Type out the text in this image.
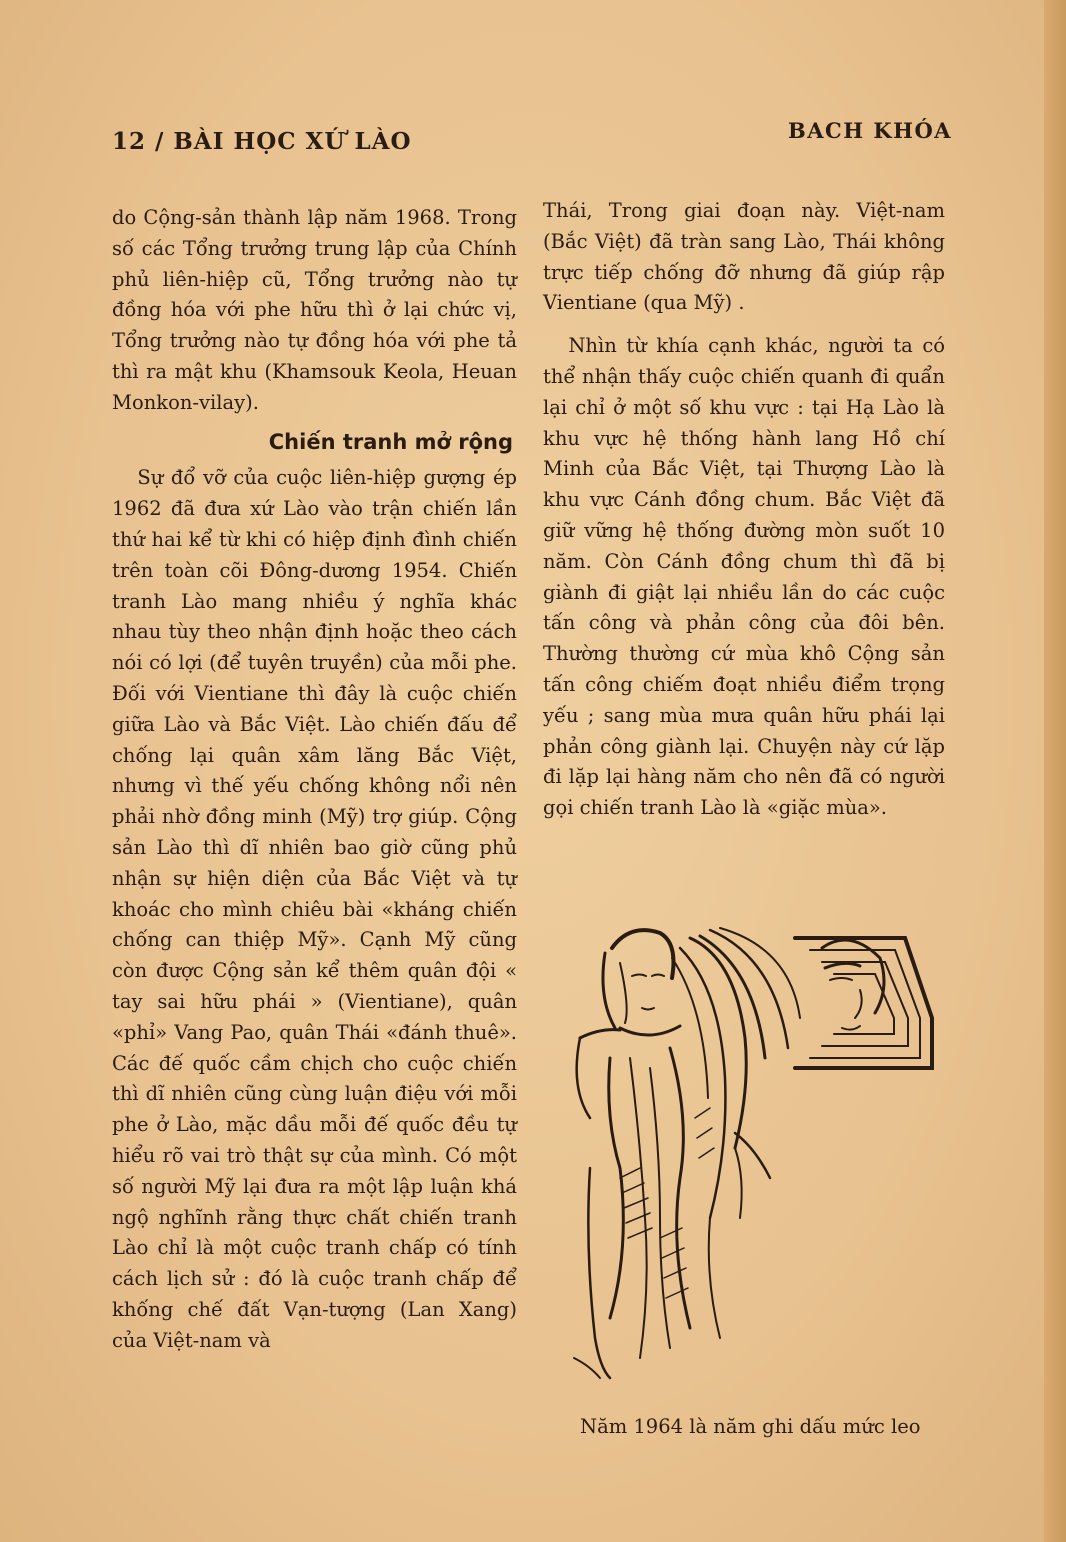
12 / BÀI HỌC XỨ LÀO	BACH KHÓA

do Cộng-sản thành lập năm 1968. Trong số các Tổng trưởng trung lập của Chính phủ liên-hiệp cũ, Tổng trưởng nào tự đồng hóa với phe hữu thì ở lại chức vị, Tổng trưởng nào tự đồng hóa với phe tả thì ra mật khu (Khamsouk Keola, Heuan Monkon-vilay).

Chiến tranh mở rộng

Sự đổ vỡ của cuộc liên-hiệp gượng ép 1962 đã đưa xứ Lào vào trận chiến lần thứ hai kể từ khi có hiệp định đình chiến trên toàn cõi Đông-dương 1954. Chiến tranh Lào mang nhiều ý nghĩa khác nhau tùy theo nhận định hoặc theo cách nói có lợi (để tuyên truyền) của mỗi phe. Đối với Vientiane thì đây là cuộc chiến giữa Lào và Bắc Việt. Lào chiến đấu để chống lại quân xâm lăng Bắc Việt, nhưng vì thế yếu chống không nổi nên phải nhờ đồng minh (Mỹ) trợ giúp. Cộng sản Lào thì dĩ nhiên bao giờ cũng phủ nhận sự hiện diện của Bắc Việt và tự khoác cho mình chiêu bài «kháng chiến chống can thiệp Mỹ». Cạnh Mỹ cũng còn được Cộng sản kể thêm quân đội « tay sai hữu phái » (Vientiane), quân «phỉ» Vang Pao, quân Thái «đánh thuê». Các đế quốc cầm chịch cho cuộc chiến thì dĩ nhiên cũng cùng luận điệu với mỗi phe ở Lào, mặc dầu mỗi đế quốc đều tự hiểu rõ vai trò thật sự của mình. Có một số người Mỹ lại đưa ra một lập luận khá ngộ nghĩnh rằng thực chất chiến tranh Lào chỉ là một cuộc tranh chấp có tính cách lịch sử : đó là cuộc tranh chấp để khống chế đất Vạn-tượng (Lan Xang) của Việt-nam và

Thái, Trong giai đoạn này. Việt-nam (Bắc Việt) đã tràn sang Lào, Thái không trực tiếp chống đỡ nhưng đã giúp rập Vientiane (qua Mỹ) .

Nhìn từ khía cạnh khác, người ta có thể nhận thấy cuộc chiến quanh đi quẩn lại chỉ ở một số khu vực : tại Hạ Lào là khu vực hệ thống hành lang Hồ chí Minh của Bắc Việt, tại Thượng Lào là khu vực Cánh đồng chum. Bắc Việt đã giữ vững hệ thống đường mòn suốt 10 năm. Còn Cánh đồng chum thì đã bị giành đi giật lại nhiều lần do các cuộc tấn công và phản công của đôi bên. Thường thường cứ mùa khô Cộng sản tấn công chiếm đoạt nhiều điểm trọng yếu ; sang mùa mưa quân hữu phái lại phản công giành lại. Chuyện này cứ lặp đi lặp lại hàng năm cho nên đã có người gọi chiến tranh Lào là «giặc mùa».

Năm 1964 là năm ghi dấu mức leo
